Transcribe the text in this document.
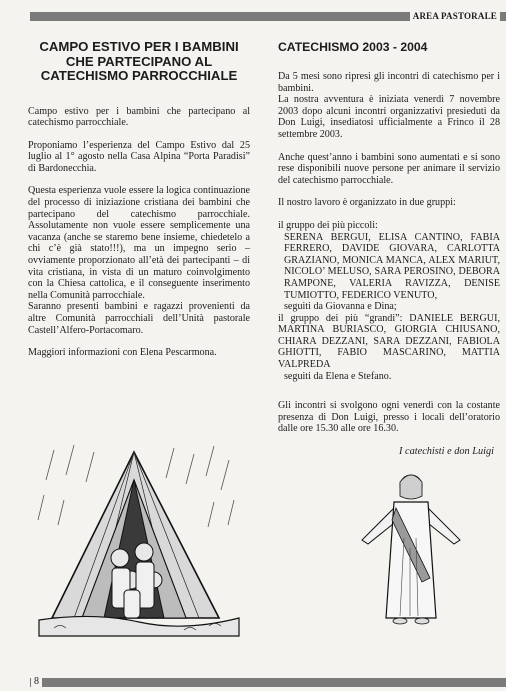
AREA PASTORALE
CAMPO ESTIVO PER I BAMBINI CHE PARTECIPANO AL CATECHISMO PARROCCHIALE

Campo estivo per i bambini che partecipano al catechismo parrocchiale.

Proponiamo l’esperienza del Campo Estivo dal 25 luglio al 1° agosto nella Casa Alpina “Porta Paradisi” di Bardonecchia.

Questa esperienza vuole essere la logica continuazione del processo di iniziazione cristiana dei bambini che partecipano del catechismo parrocchiale. Assolutamente non vuole essere semplicemente una vacanza (anche se staremo bene insieme, chiedetelo a chi c’è già stato!!!), ma un impegno serio – ovviamente proporzionato all’età dei partecipanti – di vita cristiana, in vista di un maturo coinvolgimento con la Chiesa cattolica, e il conseguente inserimento nella Comunità parrocchiale.

Saranno presenti bambini e ragazzi provenienti da altre Comunità parrocchiali dell’Unità pastorale Castell’Alfero-Portacomaro.

Maggiori informazioni con Elena Pescarmona.

CATECHISMO 2003 - 2004

Da 5 mesi sono ripresi gli incontri di catechismo per i bambini.

La nostra avventura è iniziata venerdì 7 novembre 2003 dopo alcuni incontri organizzativi presieduti da Don Luigi, insediatosi ufficialmente a Frinco il 28 settembre 2003.

Anche quest’anno i bambini sono aumentati e si sono rese disponibili nuove persone per animare il servizio del catechismo parrocchiale.

Il nostro lavoro è organizzato in due gruppi:

il gruppo dei più piccoli:
SERENA BERGUI, ELISA CANTINO, FABIA FERRERO, DAVIDE GIOVARA, CARLOTTA GRAZIANO, MONICA MANCA, ALEX MARIUT, NICOLO’ MELUSO, SARA PEROSINO, DEBORA RAMPONE, VALERIA RAVIZZA, DENISE TUMIOTTO, FEDERICO VENUTO,
seguiti da Giovanna e Dina;
il gruppo dei più “grandi”: DANIELE BERGUI, MARTINA BURIASCO, GIORGIA CHIUSANO, CHIARA DEZZANI, SARA DEZZANI, FABIOLA GHIOTTI, FABIO MASCARINO, MATTIA VALPREDA
seguiti da Elena e Stefano.

Gli incontri si svolgono ogni venerdì con la costante presenza di Don Luigi, presso i locali dell’oratorio dalle ore 15.30 alle ore 16.30.

I catechisti e don Luigi
8
